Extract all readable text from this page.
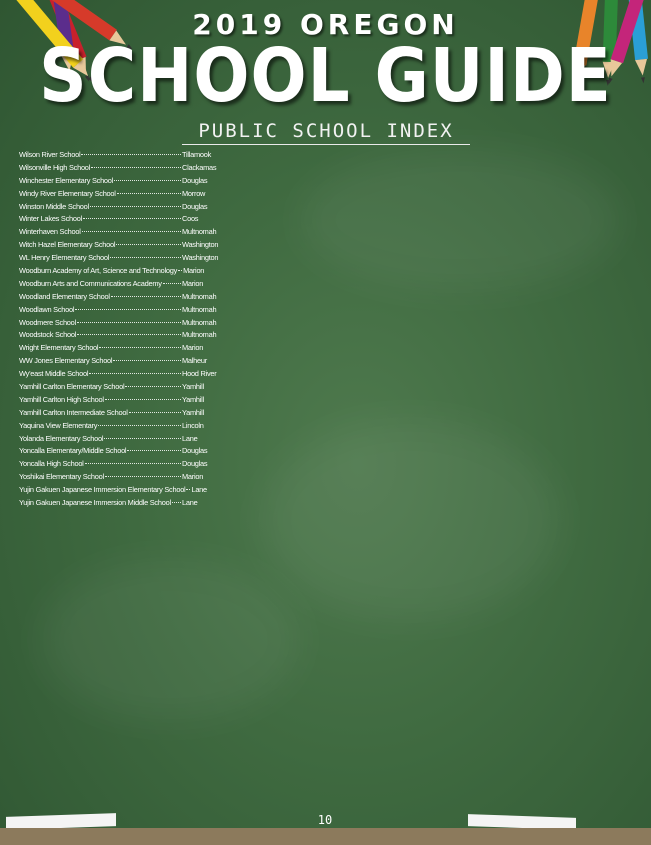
2019 OREGON
SCHOOL GUIDE
PUBLIC SCHOOL INDEX
Wilson River School	Tillamook
Wilsonville High School	Clackamas
Winchester Elementary School	Douglas
Windy River Elementary School	Morrow
Winston Middle School	Douglas
Winter Lakes School	Coos
Winterhaven School	Multnomah
Witch Hazel Elementary School	Washington
WL Henry Elementary School	Washington
Woodburn Academy of Art, Science and Technology Marion
Woodburn Arts and Communications Academy	Marion
Woodland Elementary School	Multnomah
Woodlawn School	Multnomah
Woodmere School	Multnomah
Woodstock School	Multnomah
Wright Elementary School	Marion
WW Jones Elementary School	Malheur
Wy'east Middle School	Hood River
Yamhill Carlton Elementary School	Yamhill
Yamhill Carlton High School	Yamhill
Yamhill Carlton Intermediate School	Yamhill
Yaquina View Elementary	Lincoln
Yolanda Elementary School	Lane
Yoncalla Elementary/Middle School	Douglas
Yoncalla High School	Douglas
Yoshikai Elementary School	Marion
Yujin Gakuen Japanese Immersion Elementary School Lane
Yujin Gakuen Japanese Immersion Middle School Lane
10
